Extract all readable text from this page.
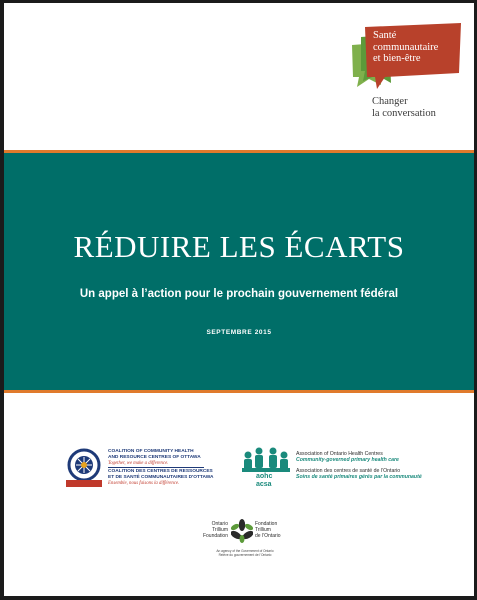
Santé
communautaire
et bien-être
Changer
la conversation
RÉDUIRE LES ÉCARTS
Un appel à l’action pour le prochain gouvernement fédéral
SEPTEMBRE 2015
COALITION OF COMMUNITY HEALTH
AND RESOURCE CENTRES OF OTTAWA
Together, we make a difference.
COALITION DES CENTRES DE RESSOURCES
ET DE SANTÉ COMMUNAUTAIRES D'OTTAWA
Ensemble, nous faisons la différence.
aohc
acsa
Association of Ontario Health Centres
Community-governed primary health care
Association des centres de santé de l’Ontario
Soins de santé primaires gérés par la communauté
Ontario
Trillium
Foundation
Fondation
Trillium
de l’Ontario
An agency of the Government of Ontario
Relève du gouvernement de l’Ontario
